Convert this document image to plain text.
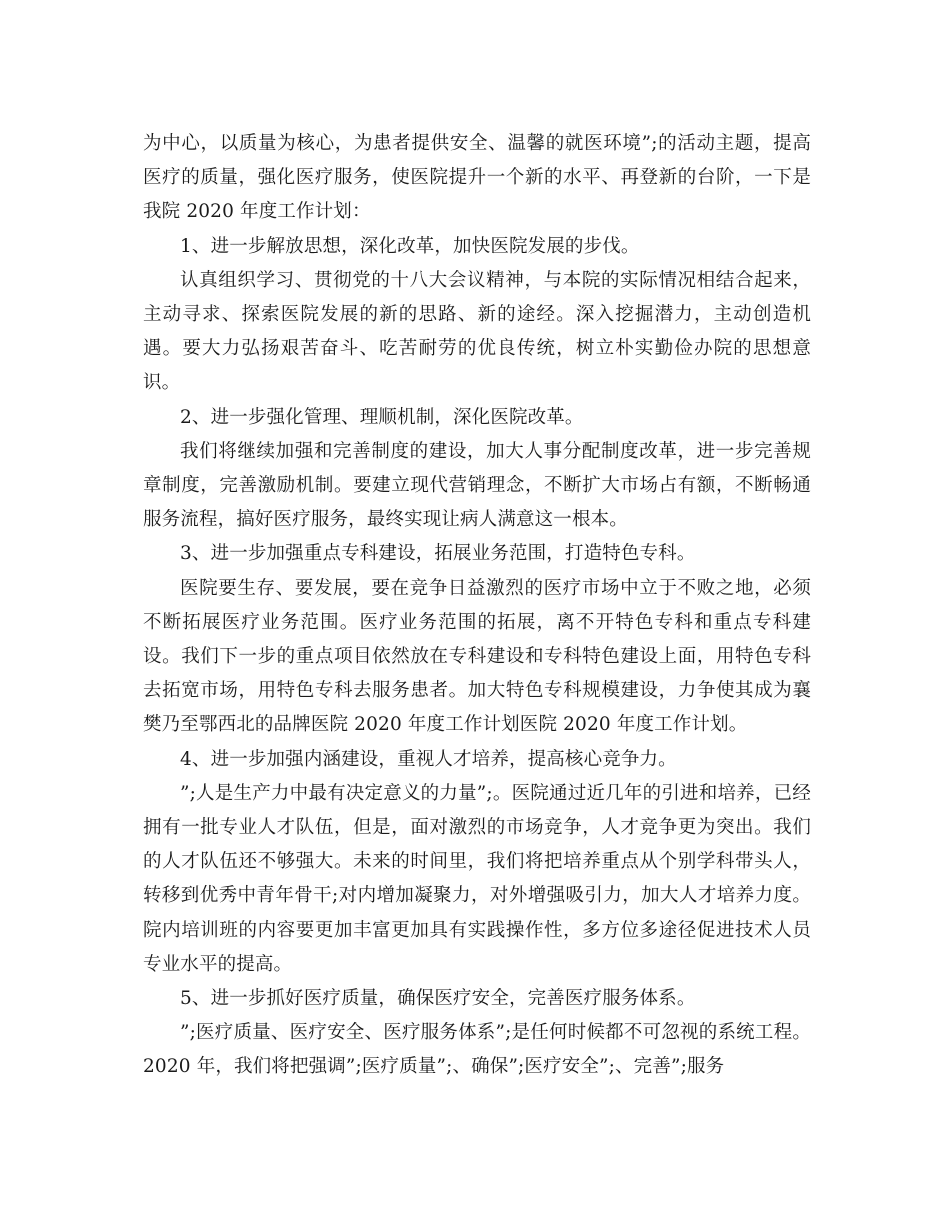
为中心，以质量为核心，为患者提供安全、温馨的就医环境”;的活动主题，提高医疗的质量，强化医疗服务，使医院提升一个新的水平、再登新的台阶，一下是我院 2020 年度工作计划：

1、进一步解放思想，深化改革，加快医院发展的步伐。

认真组织学习、贯彻党的十八大会议精神，与本院的实际情况相结合起来，主动寻求、探索医院发展的新的思路、新的途经。深入挖掘潜力，主动创造机遇。要大力弘扬艰苦奋斗、吃苦耐劳的优良传统，树立朴实勤俭办院的思想意识。

2、进一步强化管理、理顺机制，深化医院改革。

我们将继续加强和完善制度的建设，加大人事分配制度改革，进一步完善规章制度，完善激励机制。要建立现代营销理念，不断扩大市场占有额，不断畅通服务流程，搞好医疗服务，最终实现让病人满意这一根本。

3、进一步加强重点专科建设，拓展业务范围，打造特色专科。

医院要生存、要发展，要在竞争日益激烈的医疗市场中立于不败之地，必须不断拓展医疗业务范围。医疗业务范围的拓展，离不开特色专科和重点专科建设。我们下一步的重点项目依然放在专科建设和专科特色建设上面，用特色专科去拓宽市场，用特色专科去服务患者。加大特色专科规模建设，力争使其成为襄樊乃至鄂西北的品牌医院 2020 年度工作计划医院 2020 年度工作计划。

4、进一步加强内涵建设，重视人才培养，提高核心竞争力。

”;人是生产力中最有决定意义的力量”;。医院通过近几年的引进和培养，已经拥有一批专业人才队伍，但是，面对激烈的市场竞争，人才竞争更为突出。我们的人才队伍还不够强大。未来的时间里，我们将把培养重点从个别学科带头人，转移到优秀中青年骨干;对内增加凝聚力，对外增强吸引力，加大人才培养力度。院内培训班的内容要更加丰富更加具有实践操作性，多方位多途径促进技术人员专业水平的提高。

5、进一步抓好医疗质量，确保医疗安全，完善医疗服务体系。

”;医疗质量、医疗安全、医疗服务体系”;是任何时候都不可忽视的系统工程。2020 年，我们将把强调”;医疗质量”;、确保”;医疗安全”;、完善”;服务
